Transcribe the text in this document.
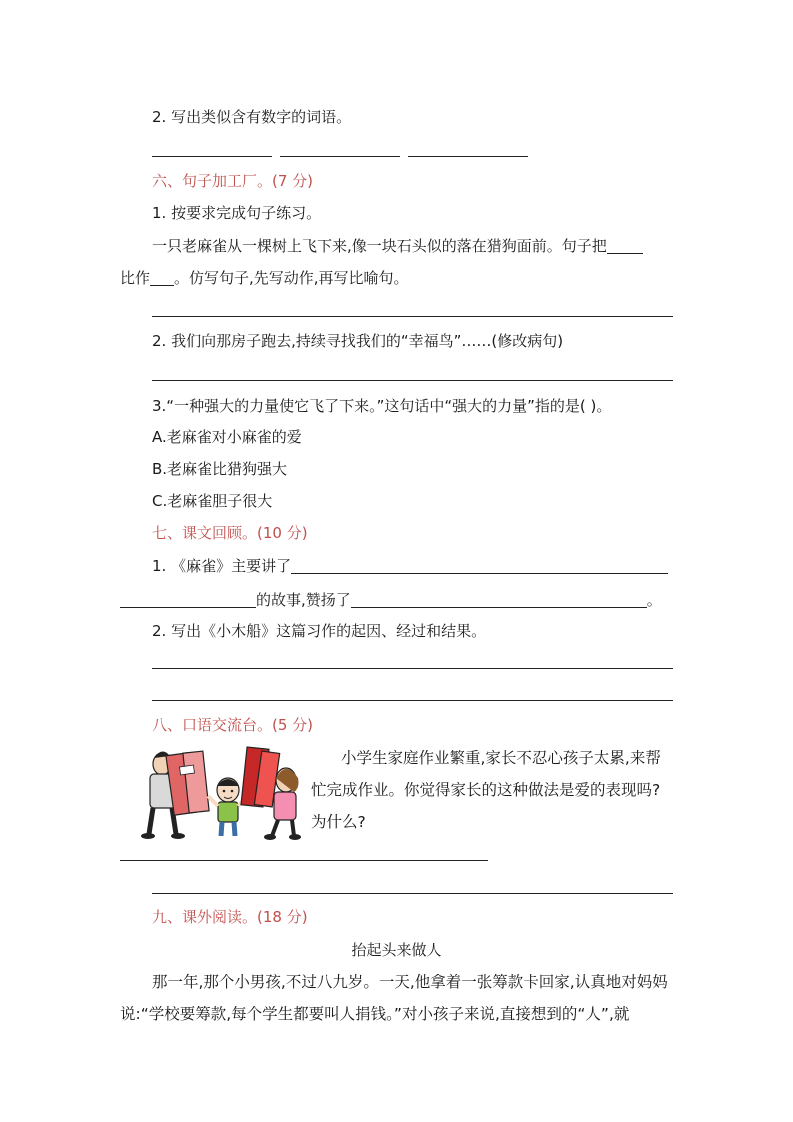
2. 写出类似含有数字的词语。
六、句子加工厂。(7 分)
1. 按要求完成句子练习。
一只老麻雀从一棵树上飞下来,像一块石头似的落在猎狗面前。句子把
比作 。仿写句子,先写动作,再写比喻句。
2. 我们向那房子跑去,持续寻找我们的“幸福鸟”……(修改病句)
3.“一种强大的力量使它飞了下来。”这句话中“强大的力量”指的是( )。
A.老麻雀对小麻雀的爱
B.老麻雀比猎狗强大
C.老麻雀胆子很大
七、课文回顾。(10 分)
1. 《麻雀》主要讲了
的故事,赞扬了	。
2. 写出《小木船》这篇习作的起因、经过和结果。
八、口语交流台。(5 分)
小学生家庭作业繁重,家长不忍心孩子太累,来帮
忙完成作业。你觉得家长的这种做法是爱的表现吗?
为什么?
九、课外阅读。(18 分)
抬起头来做人
那一年,那个小男孩,不过八九岁。一天,他拿着一张筹款卡回家,认真地对妈妈
说:“学校要筹款,每个学生都要叫人捐钱。”对小孩子来说,直接想到的“人”,就
